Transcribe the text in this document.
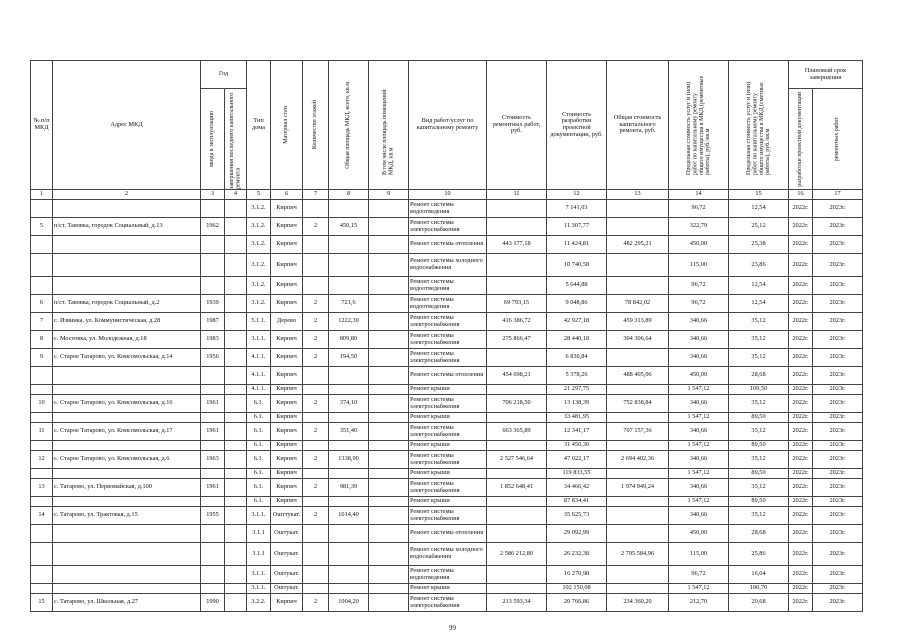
№ п/п МКД	Адрес МКД	Год		Тип дома	Материал стен	Количество этажей	Общая площадь МКД, всего, кв.м	В том числе площадь помещений МКД, кв.м	Вид работ/услуг по капитальному ремонту	Стоимость ремонтных работ, руб.	Стоимость разработки проектной документации, руб.	Общая стоимость капитального ремонта, руб.	Предельная стоимость услуг и (или) работ по капитальному ремонту общего имущества в МКД (ремонтные работы), руб./кв.м	Предельная стоимость услуг и (или) работ по капитальному ремонту общего имущества в МКД (сметные работы), руб./кв.м	Плановый срок завершения	

		ввода в эксплуатацию	завершения последнего капитального ремонта												разработки проектной документации	ремонтных работ

1	2	3	4	5	6	7	8	9	10	11	12	13	14	15	16	17
				3.1.2.	Кирпич				Ремонт системы водоотведения		7 141,03		96,72	12,54	2022г.	2023г.
5	п/ст. Тавовка, городок Социальный, д.13	1962		3.1.2.	Кирпич	2	450,15		Ремонт системы электроснабжения		11 307,77		322,79	25,12	2022г.	2023г.
				3.1.2.	Кирпич				Ремонт системы отопления	443 177,18	11 424,81	482 295,21	450,00	25,38	2022г.	2023г.
				3.1.2.	Кирпич				Ремонт системы холодного водоснабжения		10 740,58		115,00	23,86	2022г.	2023г.
				3.1.2.	Кирпич				Ремонт системы водоотведения		5 644,88		96,72	12,54	2022г.	2023г.
6	п/ст. Тавовка, городок Социальный, д.2	1939		3.1.2.	Кирпич	2	721,6		Ремонт системы водоотведения	69 793,15	9 048,86	78 842,02	96,72	12,54	2022г.	2023г.
7	с. Извинка, ул. Коммунистическая, д.28	1987		5.1.1.	Дерево	2	1222,30		Ремонт системы электроснабжения	416 386,72	42 927,18	459 313,89	340,66	35,12	2022г.	2023г.
8	с. Мостовка, ул. Молодежная, д.18	1983		3.1.1.	Кирпич	2	809,80		Ремонт системы электроснабжения	275 866,47	28 440,18	304 306,64	340,66	35,12	2022г.	2023г.
9	с. Старое Татарово, ул. Комсомольская, д.14	1956		4.1.1.	Кирпич	2	194,50		Ремонт системы электроснабжения		6 830,84		340,66	35,12	2022г.	2023г.
				4.1.1.	Кирпич				Ремонт системы отопления	454 698,21	5 378,26	488 405,06	450,00	28,68	2022г.	2023г.
				4.1.1.	Кирпич				Ремонт крыши		21 297,75		1 547,12	109,50	2022г.	2023г.
10	с. Старое Татарово, ул. Комсомольская, д.16	1961		6.1.	Кирпич	2	374,10		Ремонт системы электроснабжения	706 218,50	13 138,39	752 838,84	340,66	35,12	2022г.	2023г.
				6.1.	Кирпич				Ремонт крыши		33 481,95		1 547,12	89,50	2022г.	2023г.
11	с. Старое Татарово, ул. Комсомольская, д.17	1961		6.1.	Кирпич	2	351,40		Ремонт системы электроснабжения	663 365,89	12 341,17	707 157,36	340,66	35,12	2022г.	2023г.
				6.1.	Кирпич				Ремонт крыши		31 450,30		1 547,12	89,50	2022г.	2023г.
12	с. Старое Татарово, ул. Комсомольская, д.6	1963		6.1.	Кирпич	2	1338,90		Ремонт системы электроснабжения	2 527 546,64	47 022,17	2 694 402,36	340,66	35,12	2022г.	2023г.
				6.1.	Кирпич				Ремонт крыши		119 833,55		1 547,12	89,50	2022г.	2023г.
13	с. Татарово, ул. Первомайская, д.100	1961		6.1.	Кирпич	2	981,39		Ремонт системы электроснабжения	1 852 648,41	34 466,42	1 974 949,24	340,66	35,12	2022г.	2023г.
				6.1.	Кирпич				Ремонт крыши		87 834,41		1 547,12	89,50	2022г.	2023г.
14	с. Татарово, ул. Трактовая, д.15	1955		3.1.1.	Ошттукат.	2	1014,40		Ремонт системы электроснабжения		35 625,73		340,66	35,12	2022г.	2023г.
				3.1.1	Оштукат.				Ремонт системы отопления		29 092,99		450,00	28,68	2022г.	2023г.
				3.1.1	Оштукат.				Ремонт системы холодного водоснабжения	2 586 212,80	26 232,38	2 795 584,96	115,00	25,86	2022г.	2023г.
				3.1.1.	Оштукат.				Ремонт системы водоотведения		16 270,98		96,72	16,04	2022г.	2023г.
				3.1.1.	Оштукат.				Ремонт крыши		102 150,08		1 547,12	100,70	2022г.	2023г.
15	с. Татарово, ул. Школьная, д.27	1990		3.2.2.	Кирпич	2	1004,20		Ремонт системы электроснабжения	213 593,34	20 766,86	234 360,20	212,70	20,68	2022г.	2023г.
99
